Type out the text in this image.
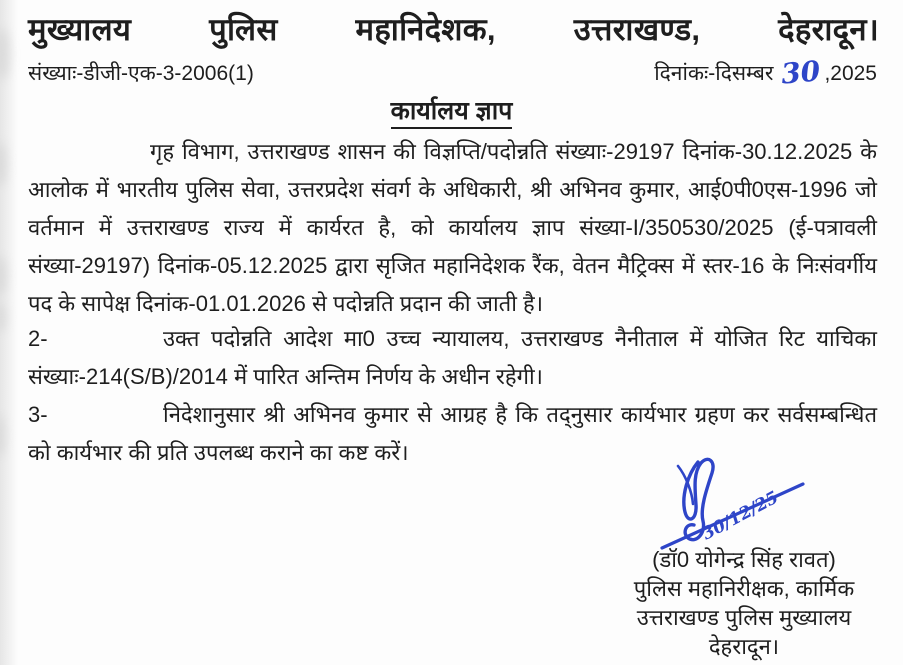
मुख्यालय पुलिस महानिदेशक, उत्तराखण्ड, देहरादून।
संख्याः-डीजी-एक-3-2006(1)	दिनांकः-दिसम्बर 30 ,2025
कार्यालय ज्ञाप
गृह विभाग, उत्तराखण्ड शासन की विज्ञप्ति/पदोन्नति संख्याः-29197 दिनांक-30.12.2025 के आलोक में भारतीय पुलिस सेवा, उत्तरप्रदेश संवर्ग के अधिकारी, श्री अभिनव कुमार, आई0पी0एस-1996 जो वर्तमान में उत्तराखण्ड राज्य में कार्यरत है, को कार्यालय ज्ञाप संख्या-I/350530/2025 (ई-पत्रावली संख्या-29197) दिनांक-05.12.2025 द्वारा सृजित महानिदेशक रैंक, वेतन मैट्रिक्स में स्तर-16 के निःसंवर्गीय पद के सापेक्ष दिनांक-01.01.2026 से पदोन्नति प्रदान की जाती है।
2-	उक्त पदोन्नति आदेश मा0 उच्च न्यायालय, उत्तराखण्ड नैनीताल में योजित रिट याचिका संख्याः-214(S/B)/2014 में पारित अन्तिम निर्णय के अधीन रहेगी।
3-	निदेशानुसार श्री अभिनव कुमार से आग्रह है कि तद्नुसार कार्यभार ग्रहण कर सर्वसम्बन्धित को कार्यभार की प्रति उपलब्ध कराने का कष्ट करें।
30/12/25
(डॉ0 योगेन्द्र सिंह रावत)
पुलिस महानिरीक्षक, कार्मिक
उत्तराखण्ड पुलिस मुख्यालय
देहरादून।
